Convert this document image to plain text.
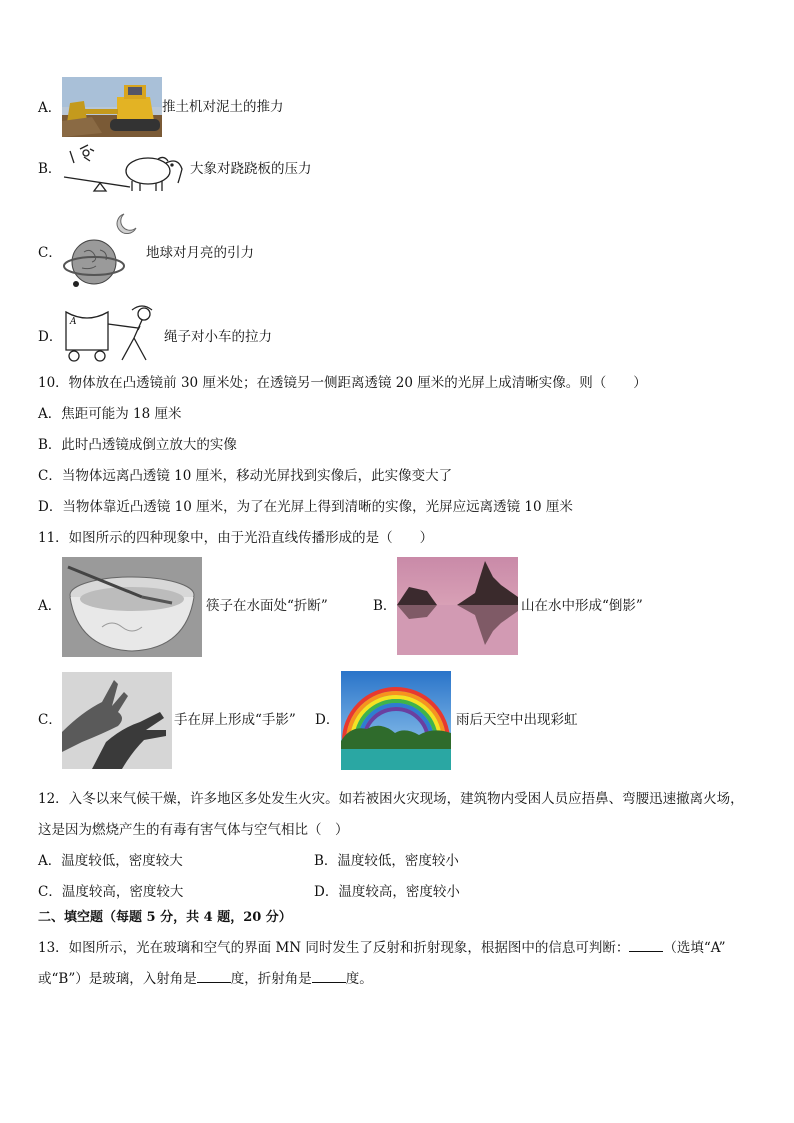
A．	推土机对泥土的推力
B．	大象对跷跷板的压力
C．	地球对月亮的引力
D．
A
绳子对小车的拉力
10．物体放在凸透镜前 30 厘米处；在透镜另一侧距离透镜 20 厘米的光屏上成清晰实像。则（　　）
A．焦距可能为 18 厘米
B．此时凸透镜成倒立放大的实像
C．当物体远离凸透镜 10 厘米，移动光屏找到实像后，此实像变大了
D．当物体靠近凸透镜 10 厘米，为了在光屏上得到清晰的实像，光屏应远离透镜 10 厘米
11．如图所示的四种现象中，由于光沿直线传播形成的是（　　）
A．	筷子在水面处“折断”	B．	山在水中形成“倒影”
C．	手在屏上形成“手影” D．	雨后天空中出现彩虹
12．入冬以来气候干燥，许多地区多处发生火灾。如若被困火灾现场，建筑物内受困人员应捂鼻、弯腰迅速撤离火场，
这是因为燃烧产生的有毒有害气体与空气相比（　）
A．温度较低，密度较大	B．温度较低，密度较小
C．温度较高，密度较大	D．温度较高，密度较小
二、填空题（每题 5 分，共 4 题，20 分）
13．如图所示，光在玻璃和空气的界面 MN 同时发生了反射和折射现象，根据图中的信息可判断：	（选填“A”
或“B”）是玻璃，入射角是	度，折射角是	度。
